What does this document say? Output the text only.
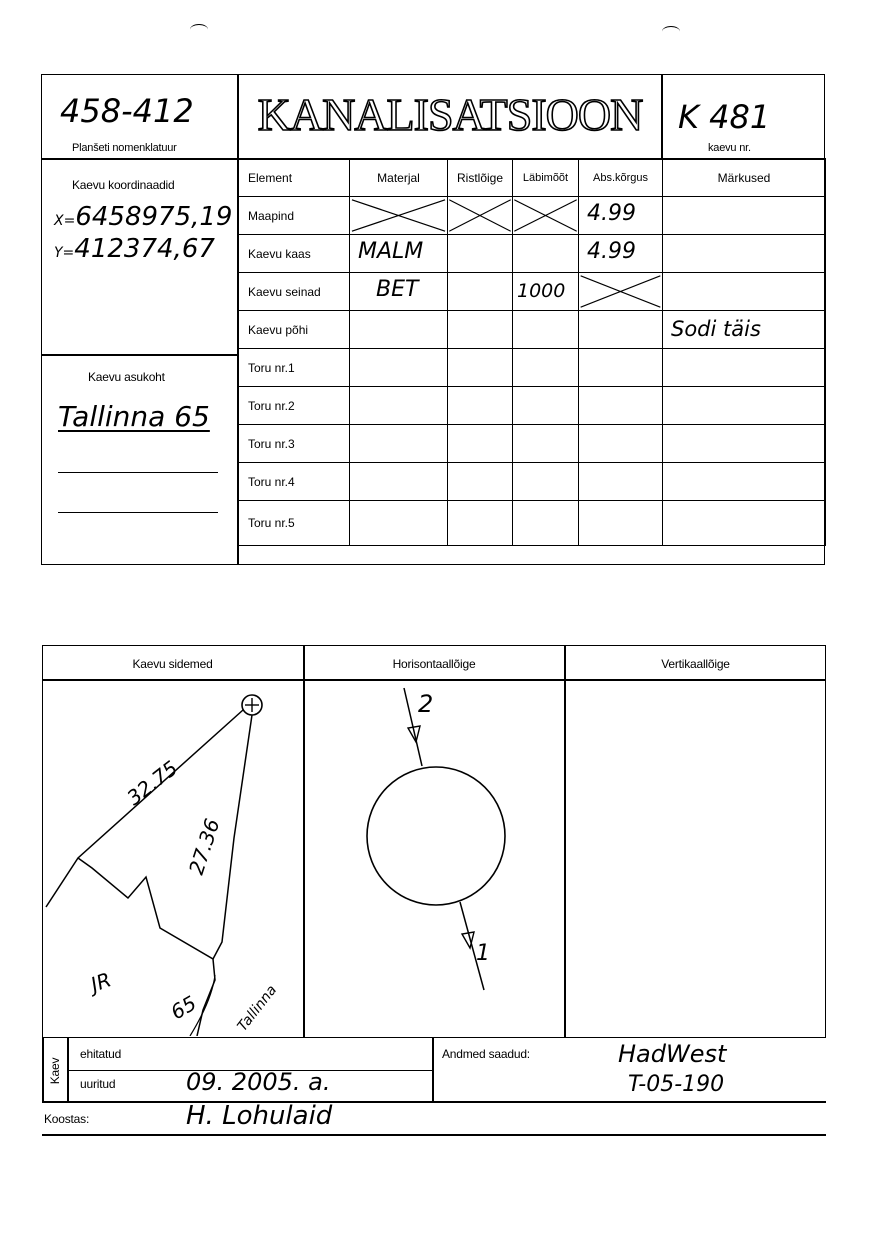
458-412
Planšeti nomenklatuur
KANALISATSIOON	K 481
kaevu nr.
Kaevu koordinaadid
X=6458975,19
Y=412374,67
Kaevu asukoht
Tallinna 65
Element	Materjal	Ristlõige	Läbimõõt	Abs.kõrgus	Märkused
Maapind				4.99	

Kaevu kaas	MALM			4.99	

Kaevu seinad	BET		1000

Kaevu põhi					Sodi täis

Toru nr.1	

Toru nr.2	

Toru nr.3	

Toru nr.4	

Toru nr.5	

Kaevu sidemed	Horisontaallõige	Vertikaallõige
32.75
27.36
JR
65 Tallinna
2
1
Kaev
ehitatud
uuritud	09. 2005. a.
Andmed saadud:	HadWest
T-05-190
Koostas:	H. Lohulaid
